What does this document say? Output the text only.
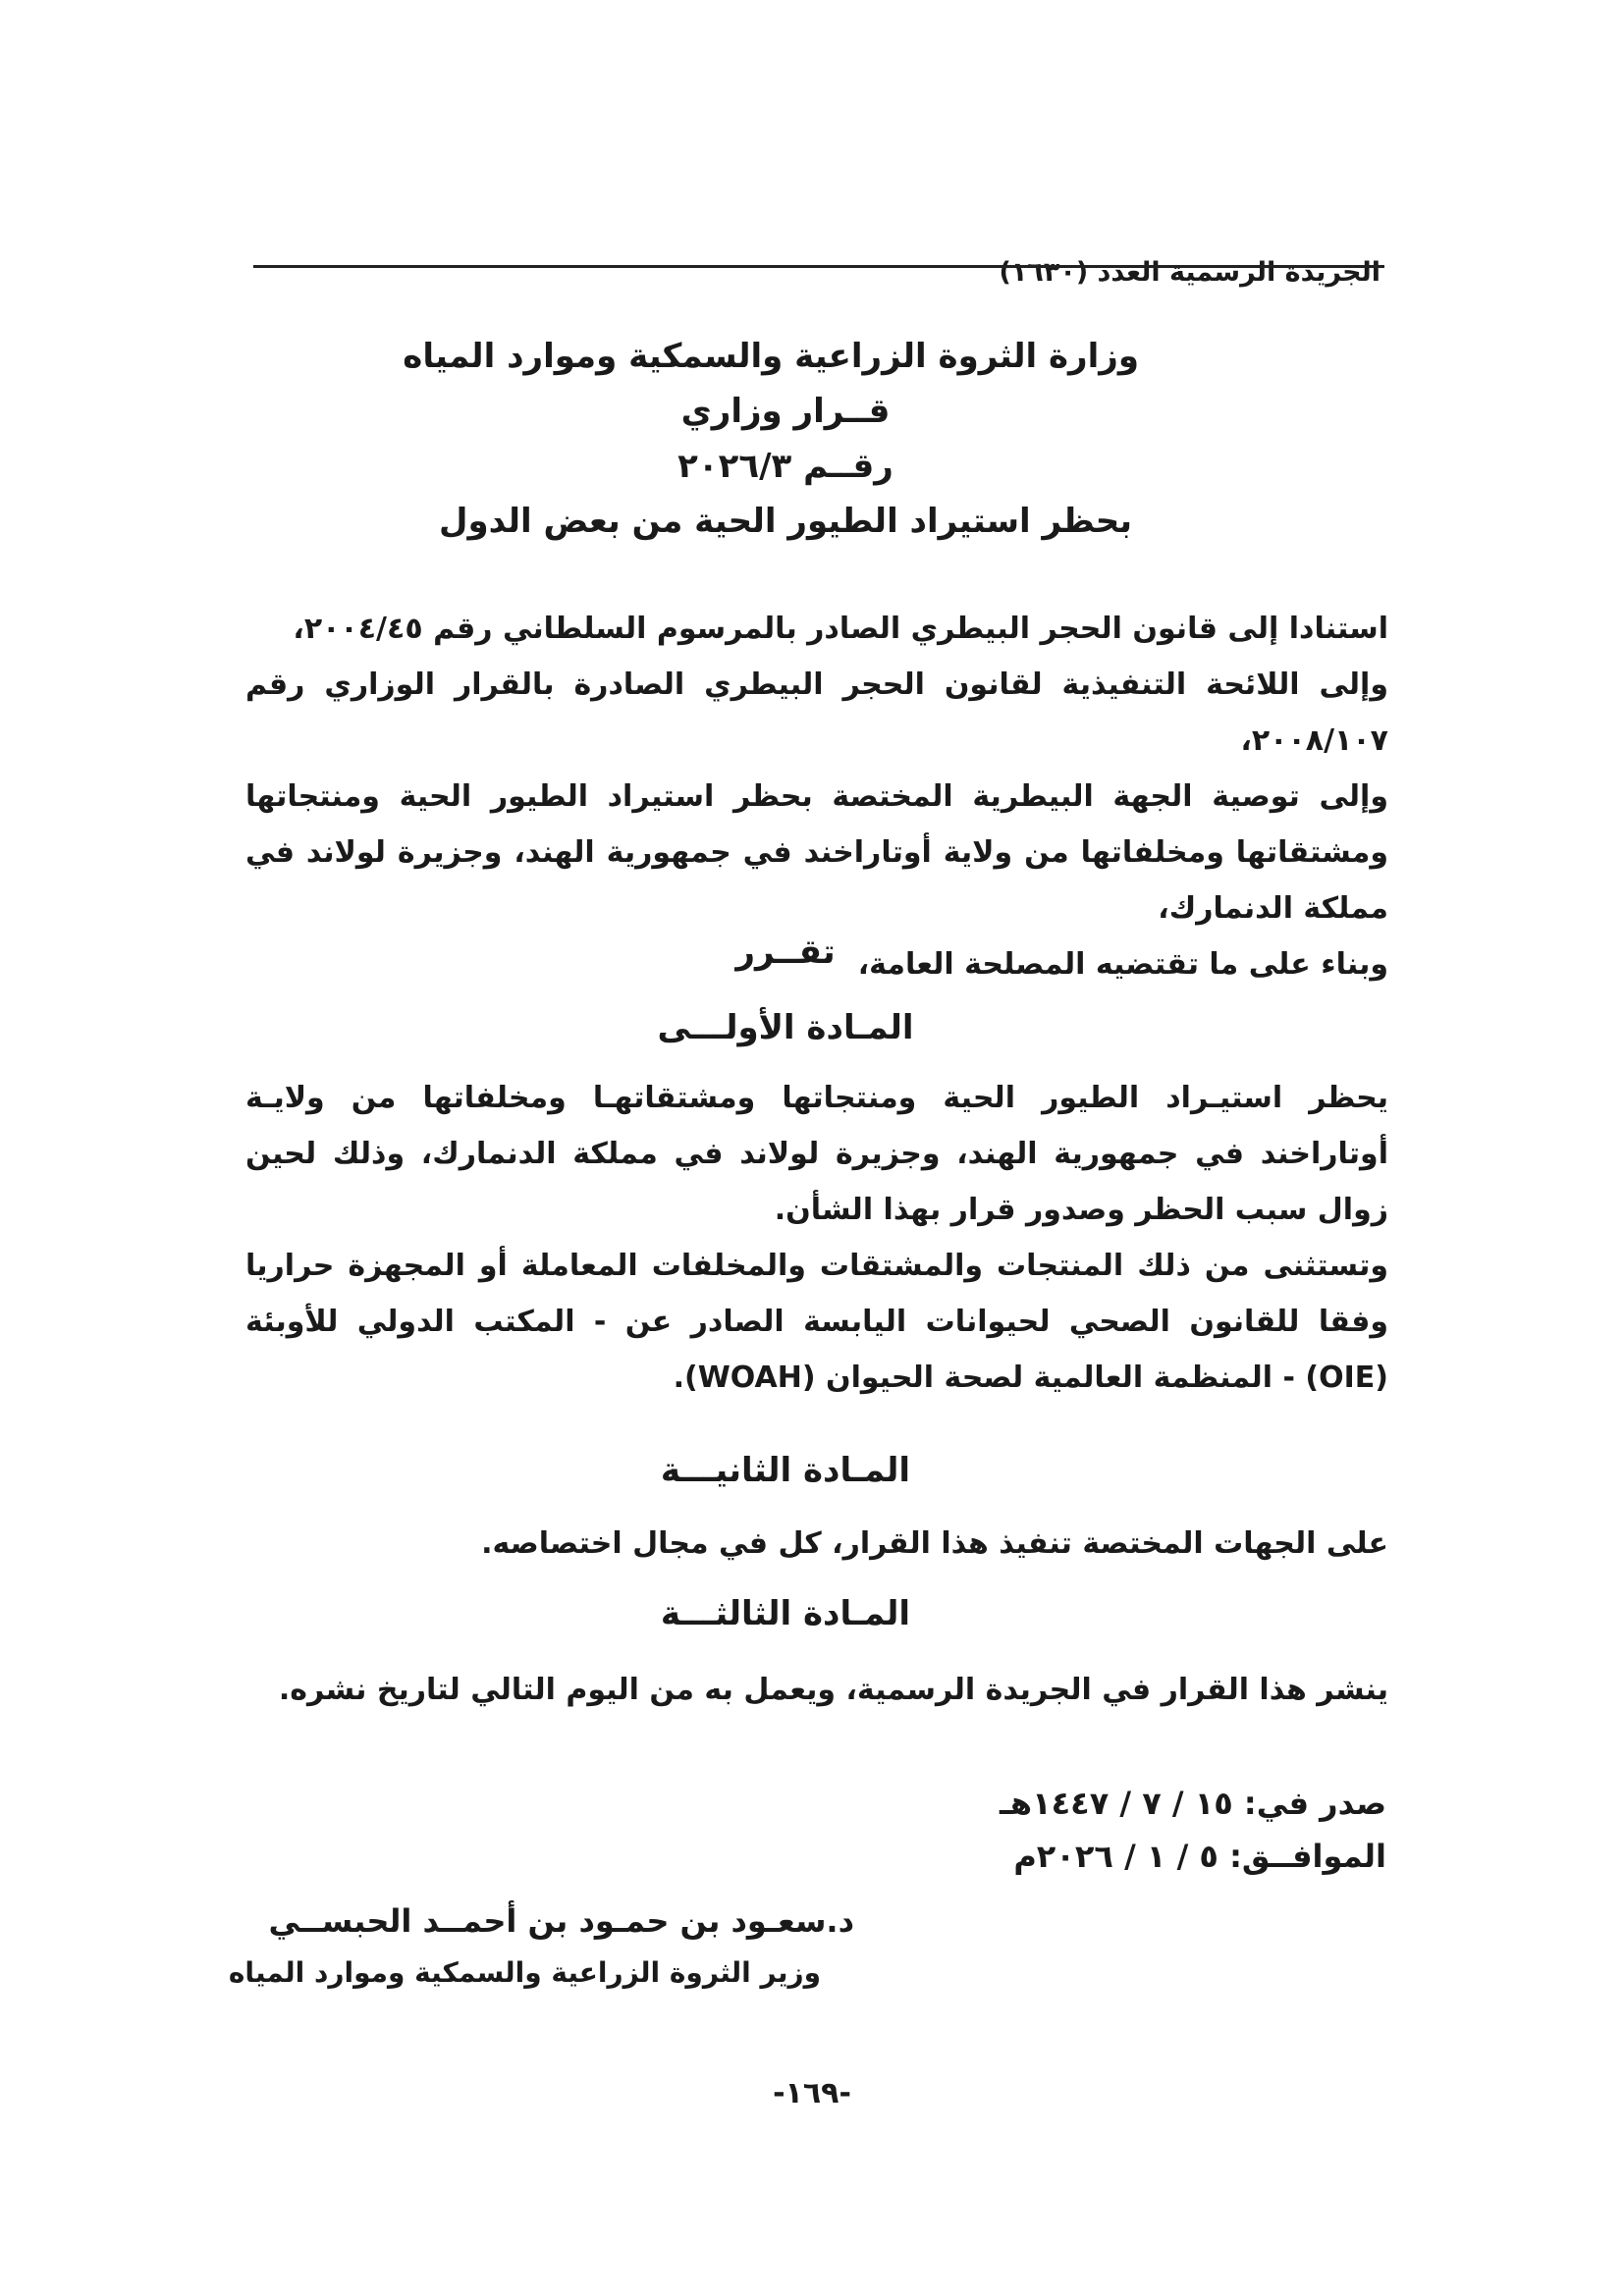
الجريدة الرسمية العدد (١٦٣٠)
وزارة الثروة الزراعية والسمكية وموارد المياه
قــرار وزاري
رقــم ٢٠٢٦/٣
بحظر استيراد الطيور الحية من بعض الدول

استنادا إلى قانون الحجر البيطري الصادر بالمرسوم السلطاني رقم ٢٠٠٤/٤٥،

وإلى اللائحة التنفيذية لقانون الحجر البيطري الصادرة بالقرار الوزاري رقم ٢٠٠٨/١٠٧،

وإلى توصية الجهة البيطرية المختصة بحظر استيراد الطيور الحية ومنتجاتها ومشتقاتها ومخلفاتها من ولاية أوتاراخند في جمهورية الهند، وجزيرة لولاند في مملكة الدنمارك،

وبناء على ما تقتضيه المصلحة العامة،

تقــرر
المـادة الأولـــى

يحظر استيـراد الطيور الحية ومنتجاتها ومشتقاتهـا ومخلفاتها من ولايـة أوتاراخند في جمهورية الهند، وجزيرة لولاند في مملكة الدنمارك، وذلك لحين زوال سبب الحظر وصدور قرار بهذا الشأن.

وتستثنى من ذلك المنتجات والمشتقات والمخلفات المعاملة أو المجهزة حراريا وفقا للقانون الصحي لحيوانات اليابسة الصادر عن - المكتب الدولي للأوبئة (OIE) - المنظمة العالمية لصحة الحيوان (WOAH).

المـادة الثانيـــة

على الجهات المختصة تنفيذ هذا القرار، كل في مجال اختصاصه.

المـادة الثالثـــة

ينشر هذا القرار في الجريدة الرسمية، ويعمل به من اليوم التالي لتاريخ نشره.

صدر في: ١٥ / ٧ / ١٤٤٧هـ
الموافــق: ٥ / ١ / ٢٠٢٦م
د.سعـود بن حمـود بن أحمــد الحبســي
وزير الثروة الزراعية والسمكية وموارد المياه
-١٦٩-
